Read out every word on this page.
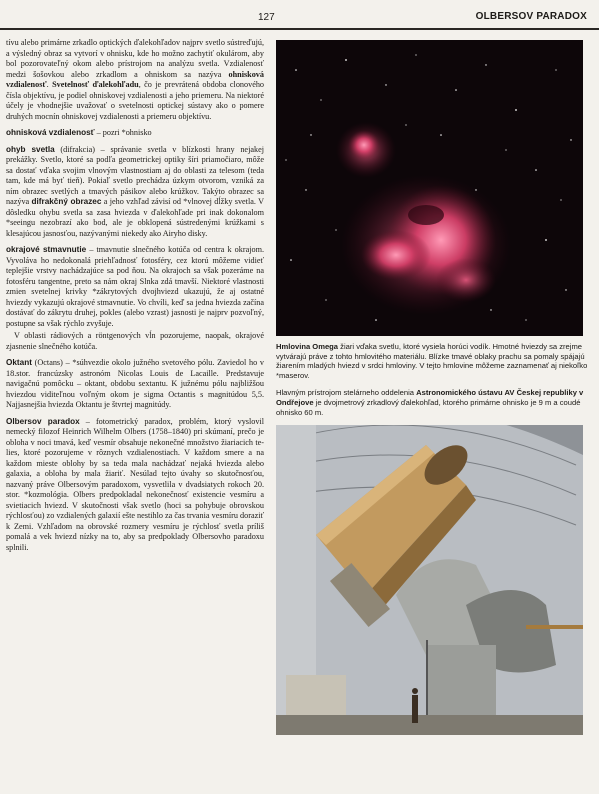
127	OLBERSOV PARADOX

tívu alebo primárne zrkadlo optických ďalekohľadov najprv svetlo sústreďujú, a výsledný obraz sa vytvorí v ohnisku, kde ho možno zachytiť okulárom, aby bol pozorovateľný okom alebo prístrojom na analýzu svetla. Vzdialenosť medzi šošovkou alebo zrkadlom a ohniskom sa nazýva ohnisková vzdialenosť. Svetelnosť ďalekohľadu, čo je prevrátená obdoba clonového čísla objektívu, je podiel ohniskovej vzdialenosti a jeho priemeru. Na niektoré účely je vhodnejšie uvažovať o svetelnosti optickej sústavy ako o pomere druhých mocnín ohniskovej vzdialenosti a priemeru objektívu.

ohnisková vzdialenosť – pozri *ohnisko

ohyb svetla (difrakcia) – správanie svetla v blízkosti hrany nejakej prekážky. Svetlo, ktoré sa podľa geometrickej optiky šíri priamočiaro, môže sa dostať vďaka svojim vlnovým vlastnostiam aj do oblasti za telesom (teda tam, kde má byť tieň). Pokiaľ svetlo prechádza úzkym otvorom, vzniká za ním obrazec svetlých a tmavých pásikov alebo krúžkov. Takýto obrazec sa nazýva difrakčný obrazec a jeho vzhľad závisí od *vlnovej dĺžky svetla. V dôsledku ohybu svetla sa zasa hviezda v ďalekohľade pri inak dokonalom *seeingu nezobrazí ako bod, ale je obklopená sústredenými krúžkami s klesajúcou jasnosťou, nazývanými niekedy ako Airyho disky.

okrajové stmavnutie – tmavnutie slnečného kotúča od centra k okrajom. Vyvoláva ho nedokonalá priehľadnosť fotosféry, cez ktorú môžeme vidieť teplejšie vrstvy nachádzajúce sa pod ňou. Na okrajoch sa však pozeráme na fotosféru tangentne, preto sa nám okraj Slnka zdá tmavší. Niektoré vlastnosti zmien svetelnej krivky *zákrytových dvojhviezd ukazujú, že aj ostatné hviezdy vykazujú okrajové stmavnutie. Vo chvíli, keď sa jedna hviezda začína dostávať do zákrytu druhej, pokles (alebo vzrast) jasnosti je najprv pozvoľný, postupne sa však rýchlo zvyšuje.

V oblasti rádiových a röntgenových vĺn pozorujeme, naopak, okrajové zjasnenie slnečného kotúča.

Oktant (Octans) – *súhvezdie okolo južného svetového pólu. Zaviedol ho v 18.stor. francúzsky astronóm Nicolas Louis de Lacaille. Predstavuje navigačnú pomôcku – oktant, obdobu sextantu. K južnému pólu najbližšou hviezdou viditeľnou voľným okom je sigma Octantis s magnitúdou 5,5. Najjasnejšia hviezda Oktantu je štvrtej magnitúdy.

Olbersov paradox – fotometrický paradox, problém, ktorý vyslovil nemecký filozof Heinrich Wilhelm Olbers (1758–1840) pri skúmaní, prečo je obloha v noci tmavá, keď vesmír obsahuje nekonečné množstvo žiariacich telies, ktoré pozorujeme v rôznych vzdialenostiach. V každom smere a na každom mieste oblohy by sa teda mala nachádzať nejaká hviezda alebo galaxia, a obloha by mala žiariť. Nesúlad tejto úvahy so skutočnosťou, nazvaný práve Olbersovým paradoxom, vysvetlila v dvadsiatych rokoch 20. stor. *kozmológia. Olbers predpokladal nekonečnosť existencie vesmíru a svietiacich hviezd. V skutočnosti však svetlo (hoci sa pohybuje obrovskou rýchlosťou) zo vzdialených galaxií ešte nestihlo za čas trvania vesmíru doraziť k Zemi. Vzhľadom na obrovské rozmery vesmíru je rýchlosť svetla príliš pomalá a vek hviezd nízky na to, aby sa predpoklady Olbersovho paradoxu splnili.

Hmlovina Omega žiari vďaka svetlu, ktoré vysiela horúci vodík. Hmotné hviezdy sa zrejme vytvárajú práve z tohto hmlovitého materiálu. Blízke tmavé oblaky prachu sa pomaly spájajú žiarením mladých hviezd v srdci hmloviny. V tejto hmlovine môžeme zaznamenať aj niekoľko *maserov.
Hlavným prístrojom stelárneho oddelenia Astronomického ústavu AV Českej republiky v Ondřejove je dvojmetrový zrkadlový ďalekohľad, ktorého primárne ohnisko je 9 m a coudé ohnisko 60 m.
